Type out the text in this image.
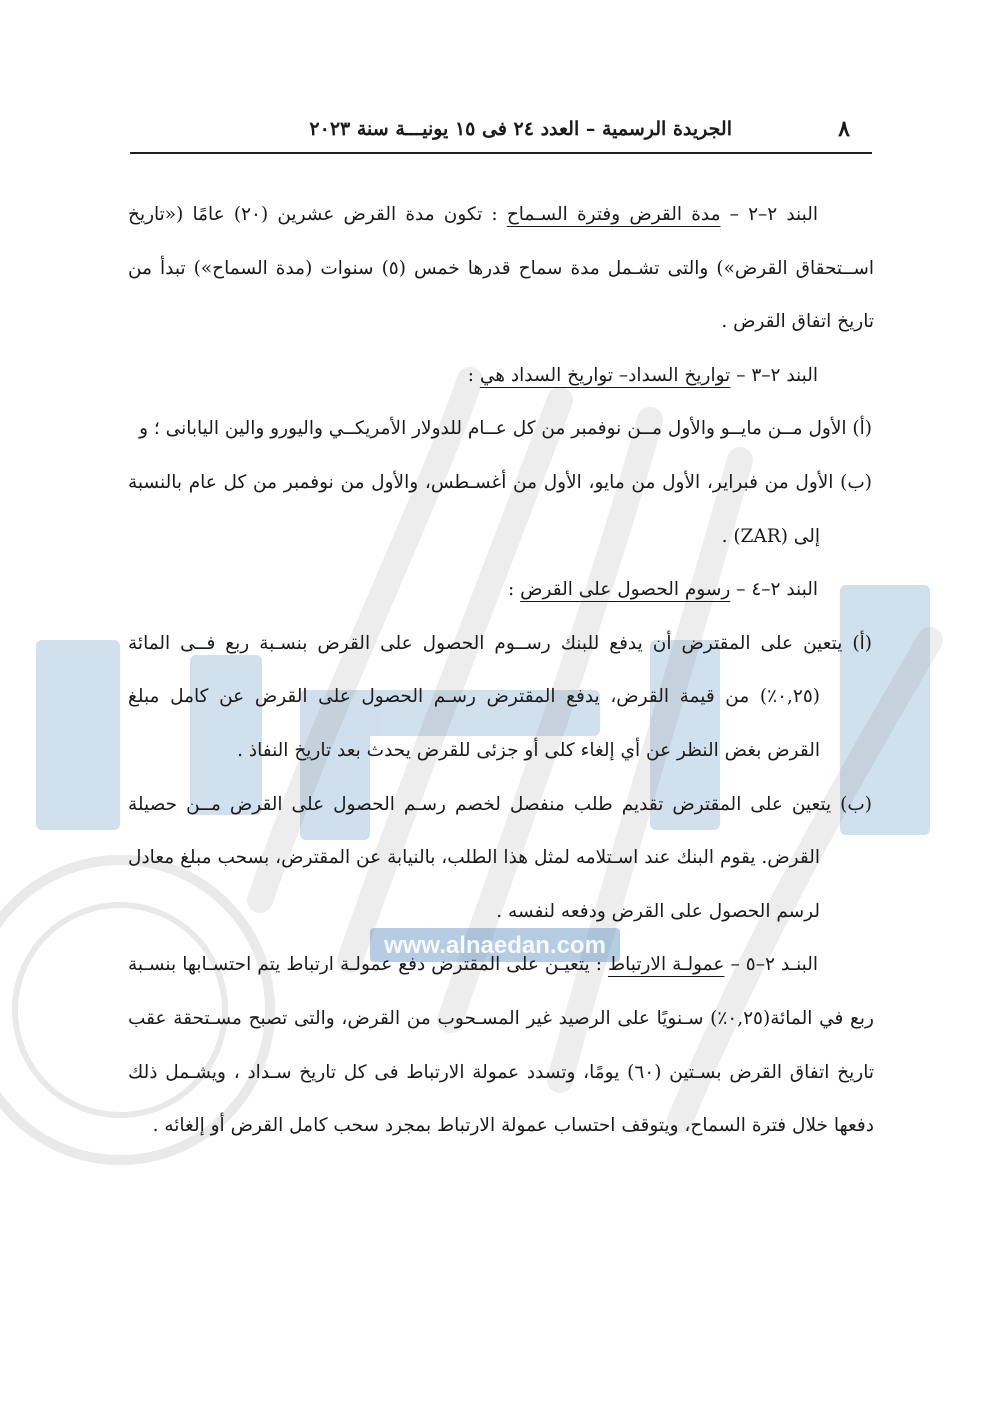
www.alnaedan.com
٨
الجريدة الرسمية – العدد ٢٤ فى ١٥ يونيـــة سنة ٢٠٢٣

البند ٢–٢ – مدة القرض وفترة السـماح : تكون مدة القرض عشرين (٢٠) عامًا («تاريخ اســتحقاق القرض») والتى تشـمل مدة سماح قدرها خمس (٥) سنوات (مدة السماح») تبدأ من تاريخ اتفاق القرض .

البند ٢–٣ – تواريخ السداد– تواريخ السداد هي :

(أ) الأول مــن مايــو والأول مــن نوفمبر من كل عــام للدولار الأمريكــي واليورو والين اليابانى ؛ و

(ب) الأول من فبراير، الأول من مايو، الأول من أغسـطس، والأول من نوفمبر من كل عام بالنسبة إلى (ZAR) .

البند ٢–٤ – رسوم الحصول على القرض :

(أ) يتعين على المقترض أن يدفع للبنك رســوم الحصول على القرض بنسـبة ربع فــى المائة (٠,٢٥٪) من قيمة القرض، يدفع المقترض رسـم الحصول على القرض عن كامل مبلغ القرض بغض النظر عن أي إلغاء كلى أو جزئى للقرض يحدث بعد تاريخ النفاذ .

(ب) يتعين على المقترض تقديم طلب منفصل لخصم رسـم الحصول على القرض مــن حصيلة القرض. يقوم البنك عند اسـتلامه لمثل هذا الطلب، بالنيابة عن المقترض، بسحب مبلغ معادل لرسم الحصول على القرض ودفعه لنفسه .

البنـد ٢–٥ – عمولـة الارتباط : يتعيـن على المقترض دفع عمولـة ارتباط يتم احتسـابها بنسـبة ربع في المائة(٠,٢٥٪) سـنويًا على الرصيد غير المسـحوب من القرض، والتى تصبح مسـتحقة عقب تاريخ اتفاق القرض بسـتين (٦٠) يومًا، وتسدد عمولة الارتباط فى كل تاريخ سـداد ، ويشـمل ذلك دفعها خلال فترة السماح، ويتوقف احتساب عمولة الارتباط بمجرد سحب كامل القرض أو إلغائه .
